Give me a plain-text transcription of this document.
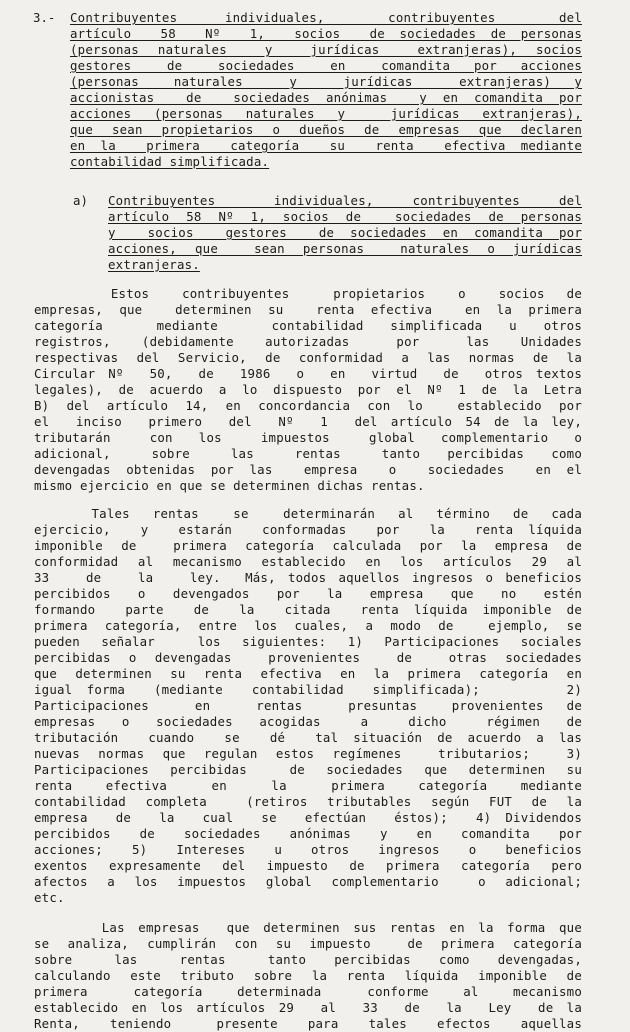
3.- Contribuyentes   individuales,    contribuyentes    del
artículo  58  Nº  1,  socios  de sociedades de personas
(personas naturales  y  jurídicas  extranjeras), socios
gestores   de   sociedades   en   comandita  por  acciones
(personas   naturales    y    jurídicas    extranjeras)  y
accionistas  de  sociedades anónimas  y en comandita por
acciones (personas naturales y  jurídicas extranjeras),
que sean propietarios o dueños de empresas que declaren
en la  primera  categoría  su  renta  efectiva mediante
contabilidad simplificada.
a) Contribuyentes   individuales,  contribuyentes  del
artículo 58 Nº 1, socios de  sociedades de personas
y  socios  gestores  de sociedades en comandita por
acciones, que  sean personas  naturales o jurídicas
extranjeras.
Estos   contribuyentes    propietarios   o   socios  de
empresas, que  determinen su  renta efectiva  en la primera
categoría    mediante    contabilidad  simplificada  u  otros
registros,  (debidamente  autorizadas   por   las  Unidades
respectivas del Servicio, de conformidad a las normas de la
Circular Nº  50,  de  1986  o  en  virtud  de  otros textos
legales), de acuerdo a lo dispuesto por el Nº 1 de la Letra
B) del artículo 14, en concordancia con lo  establecido por
el  inciso  primero  del  Nº  1  del artículo 54 de la ley,
tributarán   con  los   impuestos   global  complementario  o
adicional,   sobre   las   rentas   tanto  percibidas  como
devengadas obtenidas por las  empresa  o  sociedades  en el
mismo ejercicio en que se determinen dichas rentas.
Tales  rentas   se   determinarán  al  término  de  cada
ejercicio,  y  estarán  conformadas  por  la  renta líquida
imponible de  primera categoría calculada por la empresa de
conformidad al mecanismo establecido en los artículos 29 al
33   de   la   ley.  Más, todos aquellos ingresos o beneficios
percibidos  o  devengados  por  la  empresa  que  no  estén
formando  parte  de  la  citada  renta líquida imponible de
primera categoría, entre los cuales, a modo de  ejemplo, se
pueden señalar  los siguientes: 1) Participaciones sociales
percibidas o devengadas  provenientes  de  otras sociedades
que determinen su renta efectiva en la primera categoría en
igual forma  (mediante  contabilidad  simplificada);      2)
Participaciones    en    rentas    presuntas   provenientes  de
empresas  o  sociedades  acogidas   a   dicho   régimen  de
tributación  cuando  se  dé  tal situación de acuerdo a las
nuevas normas que regulan estos regímenes  tributarios;  3)
Participaciones percibidas  de sociedades que determinen su
renta   efectiva    en    la    primera   categoría   mediante
contabilidad completa  (retiros tributables según FUT de la
empresa  de  la  cual  se  efectúan  éstos);  4) Dividendos
percibidos  de  sociedades  anónimas  y  en  comandita  por
acciones;  5)  Intereses  u  otros  ingresos  o  beneficios
exentos expresamente del impuesto de primera categoría pero
afectos a los impuestos global complementario  o adicional;
etc.
Las empresas  que determinen sus rentas en la forma que
se analiza, cumplirán con su impuesto  de primera categoría
sobre   las   rentas   tanto  percibidas  como  devengadas,
calculando este tributo sobre la renta líquida imponible de
primera    categoría   determinada    conforme   al   mecanismo
establecido en los artículos 29  al  33  de  la  Ley  de la
Renta,  teniendo   presente  para  tales  efectos  aquellas
